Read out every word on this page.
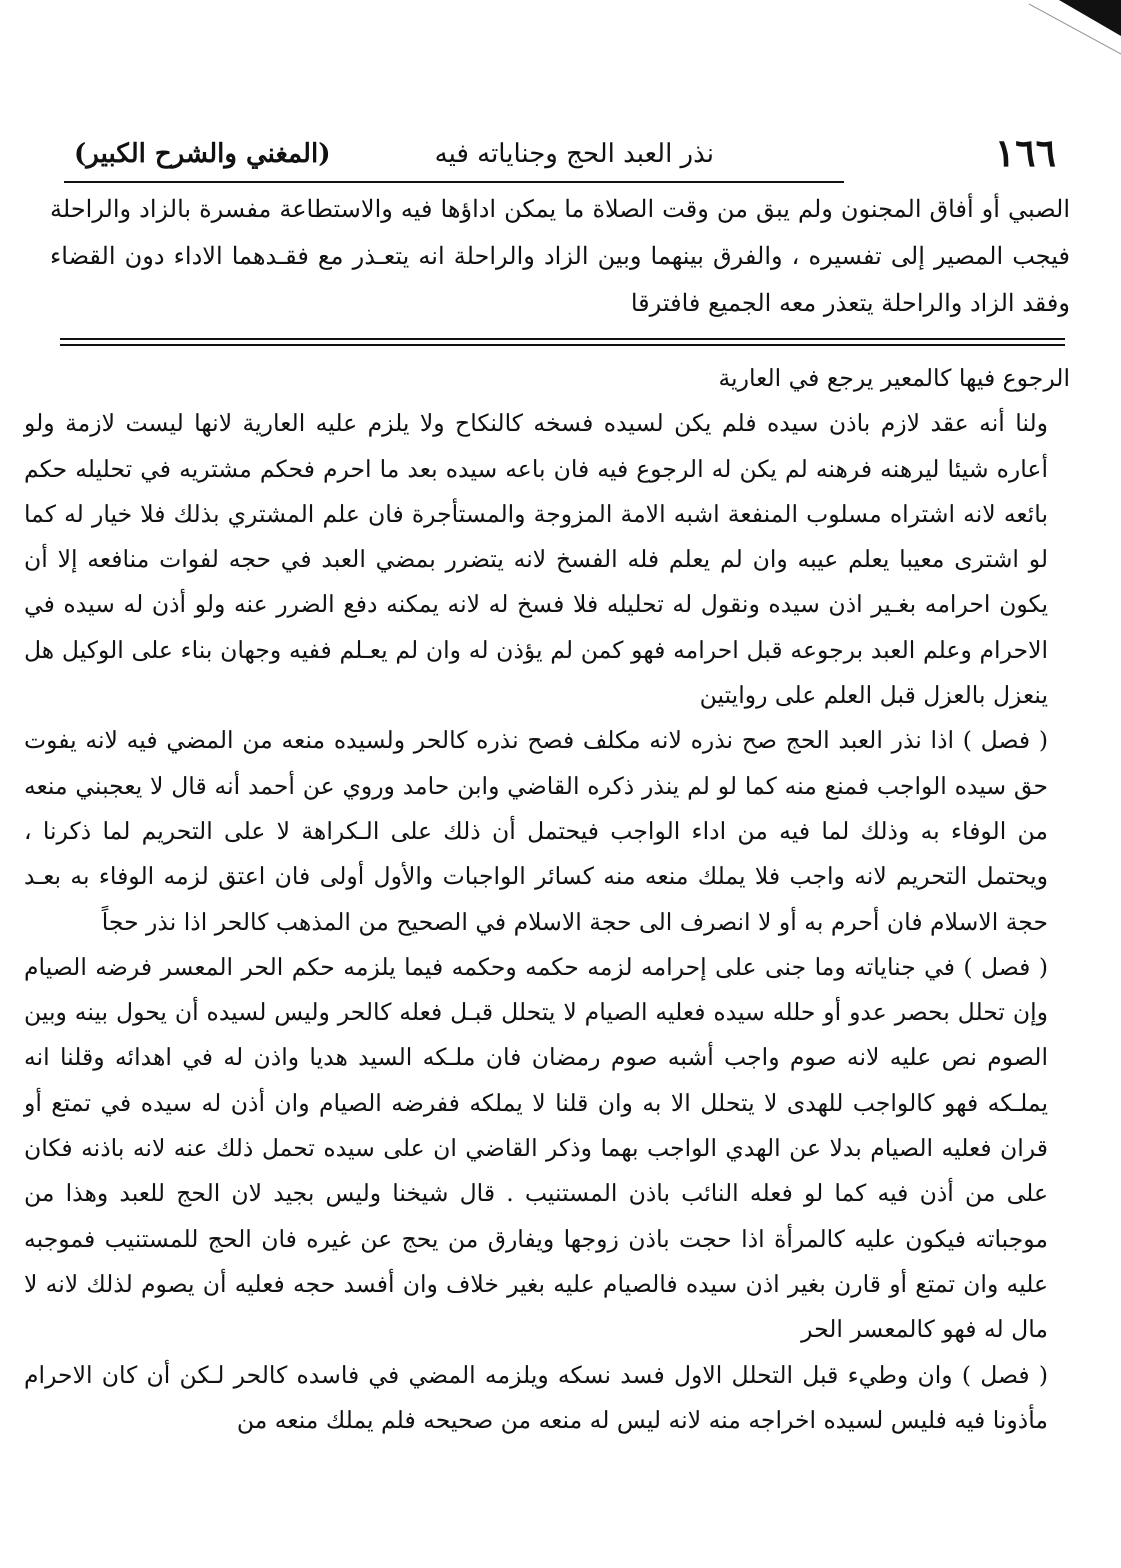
١٦٦
نذر العبد الحج وجناياته فيه
(المغني والشرح الكبير)

الصبي أو أفاق المجنون ولم يبق من وقت الصلاة ما يمكن اداؤها فيه والاستطاعة مفسرة بالزاد والراحلة فيجب المصير إلى تفسيره ، والفرق بينهما وبين الزاد والراحلة انه يتعـذر مع فقـدهما الاداء دون القضاء وفقد الزاد والراحلة يتعذر معه الجميع فافترقا

الرجوع فيها كالمعير يرجع في العارية

ولنا أنه عقد لازم باذن سيده فلم يكن لسيده فسخه كالنكاح ولا يلزم عليه العارية لانها ليست لازمة ولو أعاره شيئا ليرهنه فرهنه لم يكن له الرجوع فيه فان باعه سيده بعد ما احرم فحكم مشتريه في تحليله حكم بائعه لانه اشتراه مسلوب المنفعة اشبه الامة المزوجة والمستأجرة فان علم المشتري بذلك فلا خيار له كما لو اشترى معيبا يعلم عيبه وان لم يعلم فله الفسخ لانه يتضرر بمضي العبد في حجه لفوات منافعه إلا أن يكون احرامه بغـير اذن سيده ونقول له تحليله فلا فسخ له لانه يمكنه دفع الضرر عنه ولو أذن له سيده في الاحرام وعلم العبد برجوعه قبل احرامه فهو كمن لم يؤذن له وان لم يعـلم ففيه وجهان بناء على الوكيل هل ينعزل بالعزل قبل العلم على روايتين

( فصل ) اذا نذر العبد الحج صح نذره لانه مكلف فصح نذره كالحر ولسيده منعه من المضي فيه لانه يفوت حق سيده الواجب فمنع منه كما لو لم ينذر ذكره القاضي وابن حامد وروي عن أحمد أنه قال لا يعجبني منعه من الوفاء به وذلك لما فيه من اداء الواجب فيحتمل أن ذلك على الـكراهة لا على التحريم لما ذكرنا ، ويحتمل التحريم لانه واجب فلا يملك منعه منه كسائر الواجبات والأول أولى فان اعتق لزمه الوفاء به بعـد حجة الاسلام فان أحرم به أو لا انصرف الى حجة الاسلام في الصحيح من المذهب كالحر اذا نذر حجاً

( فصل ) في جناياته وما جنى على إحرامه لزمه حكمه وحكمه فيما يلزمه حكم الحر المعسر فرضه الصيام وإن تحلل بحصر عدو أو حلله سيده فعليه الصيام لا يتحلل قبـل فعله كالحر وليس لسيده أن يحول بينه وبين الصوم نص عليه لانه صوم واجب أشبه صوم رمضان فان ملـكه السيد هديا واذن له في اهدائه وقلنا انه يملـكه فهو كالواجب للهدى لا يتحلل الا به وان قلنا لا يملكه ففرضه الصيام وان أذن له سيده في تمتع أو قران فعليه الصيام بدلا عن الهدي الواجب بهما وذكر القاضي ان على سيده تحمل ذلك عنه لانه باذنه فكان على من أذن فيه كما لو فعله النائب باذن المستنيب . قال شيخنا وليس بجيد لان الحج للعبد وهذا من موجباته فيكون عليه كالمرأة اذا حجت باذن زوجها ويفارق من يحج عن غيره فان الحج للمستنيب فموجبه عليه وان تمتع أو قارن بغير اذن سيده فالصيام عليه بغير خلاف وان أفسد حجه فعليه أن يصوم لذلك لانه لا مال له فهو كالمعسر الحر

( فصل ) وان وطيء قبل التحلل الاول فسد نسكه ويلزمه المضي في فاسده كالحر لـكن أن كان الاحرام مأذونا فيه فليس لسيده اخراجه منه لانه ليس له منعه من صحيحه فلم يملك منعه من
